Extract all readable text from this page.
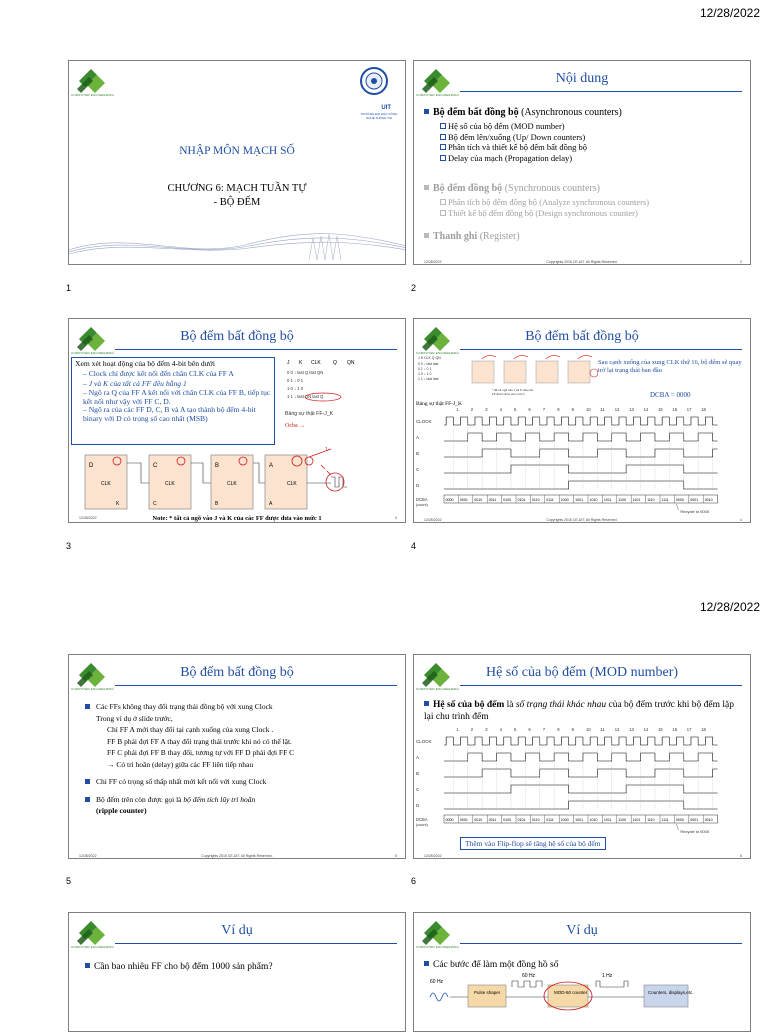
12/28/2022
12/28/2022
COMPUTER ENGINEERING
UIT
TRƯỜNG ĐẠI HỌC CÔNG NGHỆ THÔNG TIN
NHẬP MÔN MẠCH SỐ
CHƯƠNG 6: MẠCH TUẦN TỰ
- BỘ ĐẾM
1
COMPUTER ENGINEERING
Nội dung
Bộ đếm bất đồng bộ (Asynchronous counters)
Hệ số của bộ đếm (MOD number)
Bộ đếm lên/xuống (Up/ Down counters)
Phân tích và thiết kế bộ đếm bất đồng bộ
Delay của mạch (Propagation delay)
Bộ đếm đồng bộ (Synchronous counters)
Phân tích bộ đếm đồng bộ (Analyze synchronous counters)
Thiết kế bộ đếm đồng bộ (Design synchronous counter)
Thanh ghi (Register)
12/28/2022	Copyrights 2016 CE-UIT. All Rights Reserved.	2
2
COMPUTER ENGINEERING
Bộ đếm bất đồng bộ
Xem xét hoạt động của bộ đếm 4-bit bên dưới
– Clock chỉ được kết nối đến chân CLK của FF A
– J và K của tất cả FF đều bằng 1
– Ngõ ra Q của FF A kết nối với chân CLK của FF B, tiếp tục kết nối như vậy với FF C, D.
– Ngõ ra của các FF D, C, B và A tạo thành bộ đếm 4-bit binary với D có trọng số cao nhất (MSB)
J K CLK Q QN
0 0 ↓ last Q last QN
0 1 ↓ 0 1
1 0 ↓ 1 0
1 1 ↓ last QN last Q
Bảng sự thật FF-J_K
Ocba →
D
CLK
K
C
CLK
C
B
CLK
B
A
CLK
A
1·
Note: * tất cả ngõ vào J và K của các FF được đưa vào mức 1
12/28/2022	3
3
COMPUTER ENGINEERING
Bộ đếm bất đồng bộ
J K CLK Q QN
0 0 ↓ last last
0 1 ↓ 0 1
1 0 ↓ 1 0
1 1 ↓ last last
* tất cả ngõ vào J và K của các
FF được đưa vào mức 1
Sau cạnh xuống của xung CLK thứ 16, bộ đếm sẽ quay trở lại trạng thái ban đầu
DCBA = 0000
Bảng sự thật FF-J_K
CLOCK
A
B
C
D
1	2	3	4	5	6	7	8	9	10 11 12 13 14 15 16 17 18
DCBA
(count)
0000 0001 0010 0011 0100 0101 0110 0111 1000 1001 1010 1011 1100 1101 1110 1111 0000 0001 0010
Recycle to 0000
12/28/2022	Copyrights 2016 CE-UIT. All Rights Reserved.	4
4
COMPUTER ENGINEERING
Bộ đếm bất đồng bộ
Các FFs không thay đổi trạng thái đồng bộ với xung Clock
Trong ví dụ ở slide trước,
Chỉ FF A mới thay đổi tại cạnh xuống của xung Clock .
FF B phải đợi FF A thay đổi trạng thái trước khi nó có thể lật.
FF C phải đợi FF B thay đổi, tương tự với FF D phải đợi FF C
→ Có trì hoãn (delay) giữa các FF liên tiếp nhau
Chỉ FF có trọng số thấp nhất mới kết nối với xung Clock
Bộ đếm trên còn được gọi là bộ đếm tích lũy trì hoãn
(ripple counter)
12/28/2022	Copyrights 2016 CE-UIT. All Rights Reserved.	5
5
COMPUTER ENGINEERING
Hệ số của bộ đếm (MOD number)
Hệ số của bộ đếm là số trạng thái khác nhau của bộ đếm trước khi bộ đếm lặp lại chu trình đếm
CLOCK
A
B
C
D
1	2	3	4	5	6	7	8	9	10 11 12 13 14 15 16 17 18
DCBA
(count)
0000 0001 0010 0011 0100 0101 0110 0111 1000 1001 1010 1011 1100 1101 1110 1111 0000 0001 0010
Recycle to 0000
Thêm vào Flip-flop sẽ tăng hệ số của bộ đếm
12/28/2022	6
6
COMPUTER ENGINEERING
Ví dụ
Cần bao nhiêu FF cho bộ đếm 1000 sản phẩm?
COMPUTER ENGINEERING
Ví dụ
Các bước để làm một đồng hồ số
60 Hz
Pulse shaper
60 Hz
MOD-60 counter
1 Hz
Counters, displays,etc.
